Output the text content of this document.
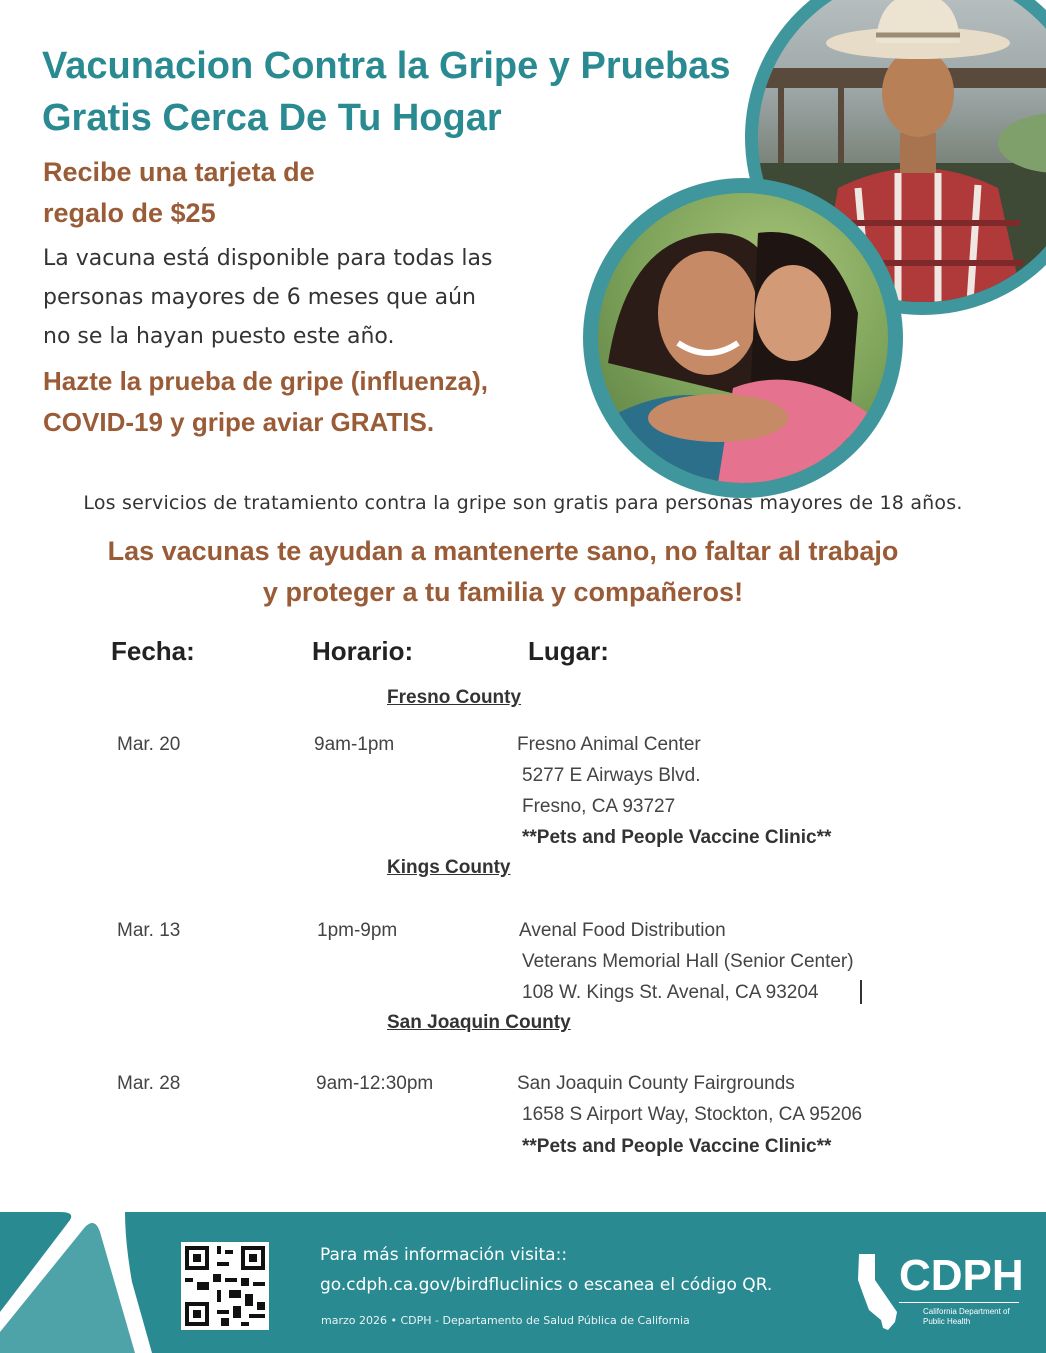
Vacunacion Contra la Gripe y Pruebas Gratis Cerca De Tu Hogar
Recibe una tarjeta de
regalo de $25
La vacuna está disponible para todas las
personas mayores de 6 meses que aún
no se la hayan puesto este año.
Hazte la prueba de gripe (influenza),
COVID-19 y gripe aviar GRATIS.
Los servicios de tratamiento contra la gripe son gratis para personas mayores de 18 años.
Las vacunas te ayudan a mantenerte sano, no faltar al trabajo
y proteger a tu familia y compañeros!
Fecha:	Horario:	Lugar:
Fresno County
Mar. 20	9am-1pm	Fresno Animal Center
5277 E Airways Blvd.
Fresno, CA 93727
**Pets and People Vaccine Clinic**
Kings County
Mar. 13	1pm-9pm	Avenal Food Distribution
Veterans Memorial Hall (Senior Center)
108 W. Kings St. Avenal, CA 93204
San Joaquin County
Mar. 28	9am-12:30pm	San Joaquin County Fairgrounds
1658 S Airport Way, Stockton, CA 95206
**Pets and People Vaccine Clinic**
Para más información visita::
go.cdph.ca.gov/birdfluclinics o escanea el código QR.
marzo 2026 • CDPH - Departamento de Salud Pública de California
CDPH
California Department of
Public Health
